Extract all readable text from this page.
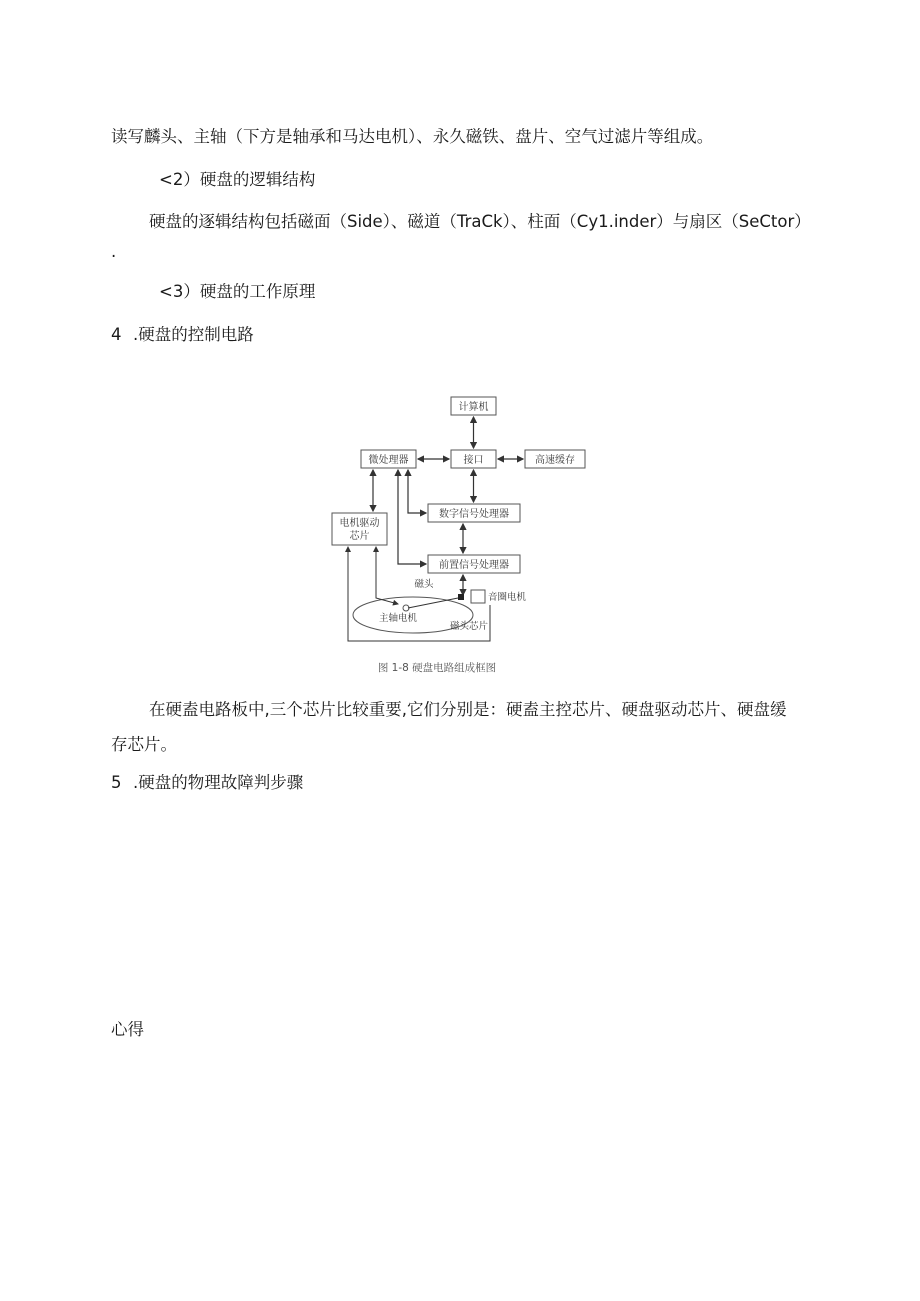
读写麟头、主轴（下方是轴承和马达电机）、永久磁铁、盘片、空气过滤片等组成。
<2）硬盘的逻辑结构
硬盘的逐辑结构包括磁面（Side）、磁道（TraCk）、柱面（Cy1.inder）与扇区（SeCtor）
.
<3）硬盘的工作原理
4 .硬盘的控制电路
计算机
微处理器	接口	高速缓存
电机驱动
芯片
数字信号处理器
前置信号处理器
主轴电机
磁头
音圈电机
磁头芯片
图 1-8 硬盘电路组成框图
在硬盍电路板中,三个芯片比较重要,它们分别是：硬盍主控芯片、硬盘驱动芯片、硬盘缓
存芯片。
5 .硬盘的物理故障判步骤
心得
